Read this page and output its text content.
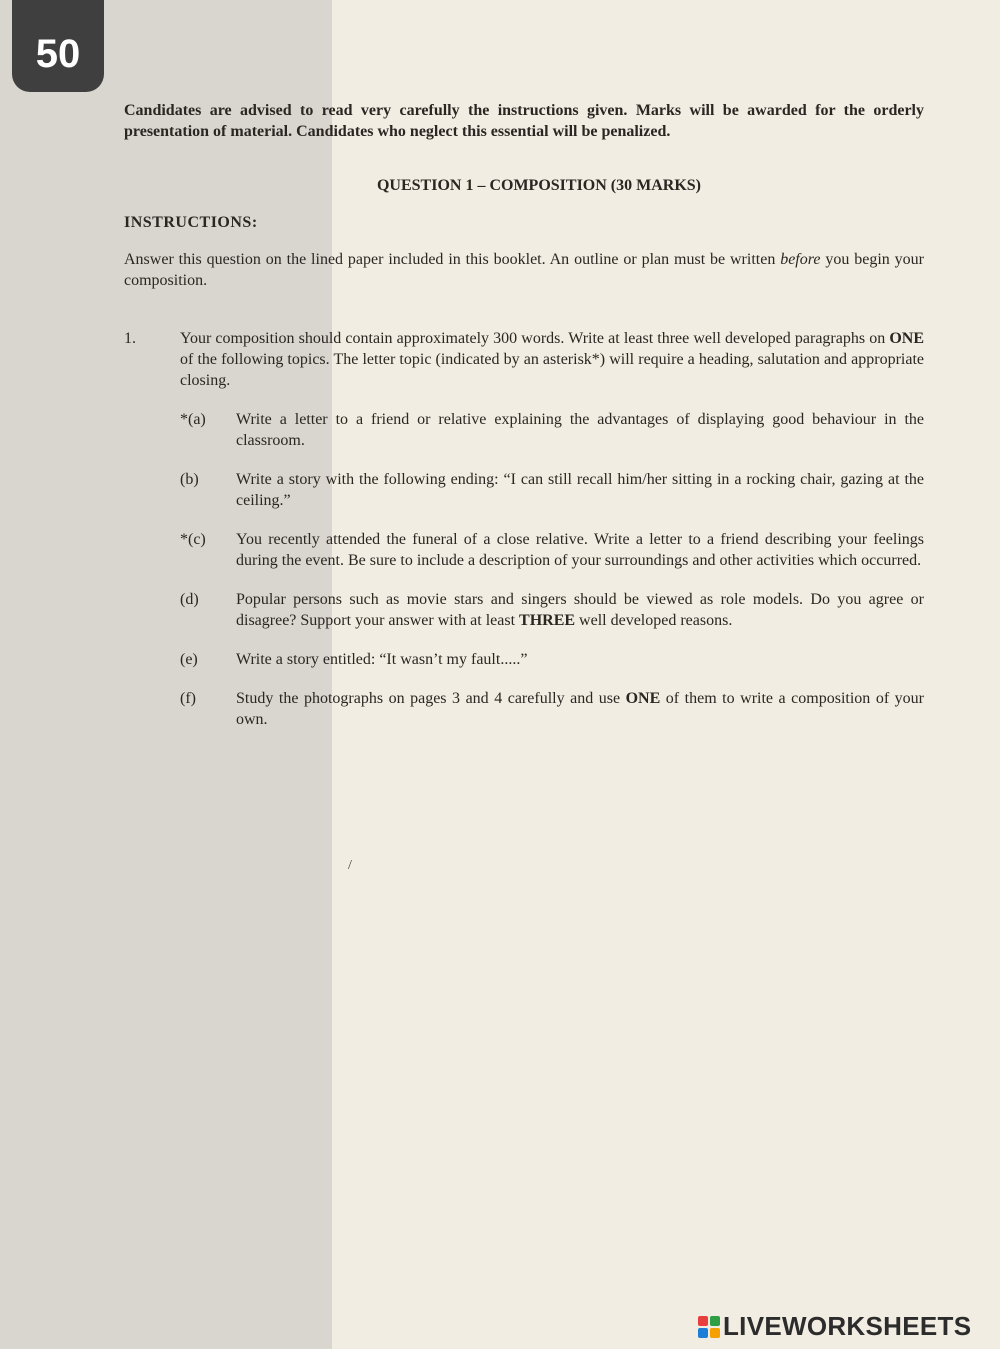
50

Candidates are advised to read very carefully the instructions given. Marks will be awarded for the orderly presentation of material. Candidates who neglect this essential will be penalized.

QUESTION 1 – COMPOSITION (30 MARKS)

INSTRUCTIONS:

Answer this question on the lined paper included in this booklet. An outline or plan must be written before you begin your composition.

1.	Your composition should contain approximately 300 words. Write at least three well developed paragraphs on ONE of the following topics. The letter topic (indicated by an asterisk*) will require a heading, salutation and appropriate closing.
*(a) Write a letter to a friend or relative explaining the advantages of displaying good behaviour in the classroom.
(b) Write a story with the following ending: “I can still recall him/her sitting in a rocking chair, gazing at the ceiling.”
*(c) You recently attended the funeral of a close relative. Write a letter to a friend describing your feelings during the event. Be sure to include a description of your surroundings and other activities which occurred.
(d) Popular persons such as movie stars and singers should be viewed as role models. Do you agree or disagree? Support your answer with at least THREE well developed reasons.
(e) Write a story entitled: “It wasn’t my fault.....”
(f)	Study the photographs on pages 3 and 4 carefully and use ONE of them to write a composition of your own.
/
LIVEWORKSHEETS
